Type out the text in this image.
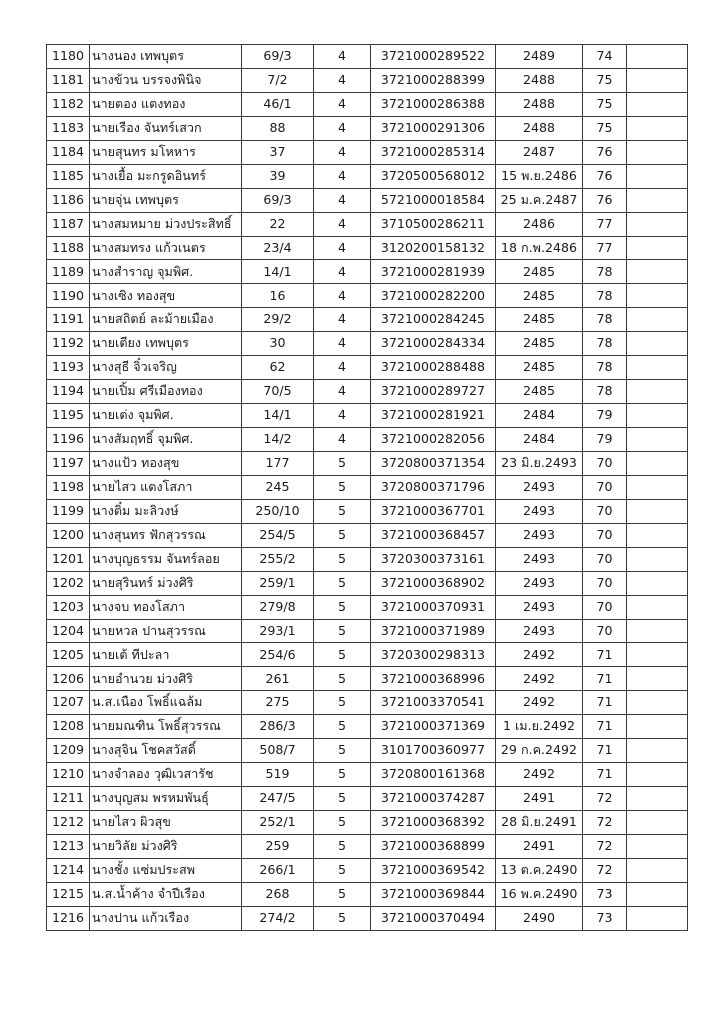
1180	นางนอง เทพบุตร	69/3	4	3721000289522	2489	74	
1181	นางข้วน บรรจงพินิจ	7/2	4	3721000288399	2488	75	
1182	นายตอง แตงทอง	46/1	4	3721000286388	2488	75	
1183	นายเรือง จันทร์เสวก	88	4	3721000291306	2488	75	
1184	นายสุนทร มโหหาร	37	4	3721000285314	2487	76	
1185	นางเยื้อ มะกรูดอินทร์	39	4	3720500568012	15 พ.ย.2486	76	
1186	นายจุ่น เทพบุตร	69/3	4	5721000018584	25 ม.ค.2487	76	
1187	นางสมหมาย ม่วงประสิทธิ์	22	4	3710500286211	2486	77	
1188	นางสมทรง แก้วเนตร	23/4	4	3120200158132	18 ก.พ.2486	77	
1189	นางสำราญ จุมพิศ.	14/1	4	3721000281939	2485	78	
1190	นางเซิง ทองสุข	16	4	3721000282200	2485	78	
1191	นายสถิตย์ ละม้ายเมือง	29/2	4	3721000284245	2485	78	
1192	นายเตียง เทพบุตร	30	4	3721000284334	2485	78	
1193	นางสุธี จิ๋วเจริญ	62	4	3721000288488	2485	78	
1194	นายเปิ้ม ศรีเมืองทอง	70/5	4	3721000289727	2485	78	
1195	นายเต่ง จุมพิศ.	14/1	4	3721000281921	2484	79	
1196	นางสัมฤทธิ์ จุมพิศ.	14/2	4	3721000282056	2484	79	
1197	นางแป้ว ทองสุข	177	5	3720800371354	23 มิ.ย.2493	70	
1198	นายไสว แตงโสภา	245	5	3720800371796	2493	70	
1199	นางติ๋ม มะลิวงษ์	250/10	5	3721000367701	2493	70	
1200	นางสุนทร ฟักสุวรรณ	254/5	5	3721000368457	2493	70	
1201	นางบุญธรรม จันทร์ลอย	255/2	5	3720300373161	2493	70	
1202	นายสุรินทร์ ม่วงศิริ	259/1	5	3721000368902	2493	70	
1203	นางจบ ทองโสภา	279/8	5	3721000370931	2493	70	
1204	นายหวล ปานสุวรรณ	293/1	5	3721000371989	2493	70	
1205	นายเต้ ทีปะลา	254/6	5	3720300298313	2492	71	
1206	นายอำนวย ม่วงศิริ	261	5	3721000368996	2492	71	
1207	น.ส.เนือง โพธิ์แฉล้ม	275	5	3721003370541	2492	71	
1208	นายมณฑิน โพธิ์สุวรรณ	286/3	5	3721000371369	1 เม.ย.2492	71	
1209	นางสุจิน โชคสวัสดิ์	508/7	5	3101700360977	29 ก.ค.2492	71	
1210	นางจำลอง วุฒิเวสารัช	519	5	3720800161368	2492	71	
1211	นางบุญสม พรหมพันธุ์	247/5	5	3721000374287	2491	72	
1212	นายไสว ผิวสุข	252/1	5	3721000368392	28 มิ.ย.2491	72	
1213	นายวิลัย ม่วงศิริ	259	5	3721000368899	2491	72	
1214	นางชั้ง แซ่มประสพ	266/1	5	3721000369542	13 ต.ค.2490	72	
1215	น.ส.น้ำค้าง จำปีเรือง	268	5	3721000369844	16 พ.ค.2490	73	
1216	นางปาน แก้วเรือง	274/2	5	3721000370494	2490	73	
